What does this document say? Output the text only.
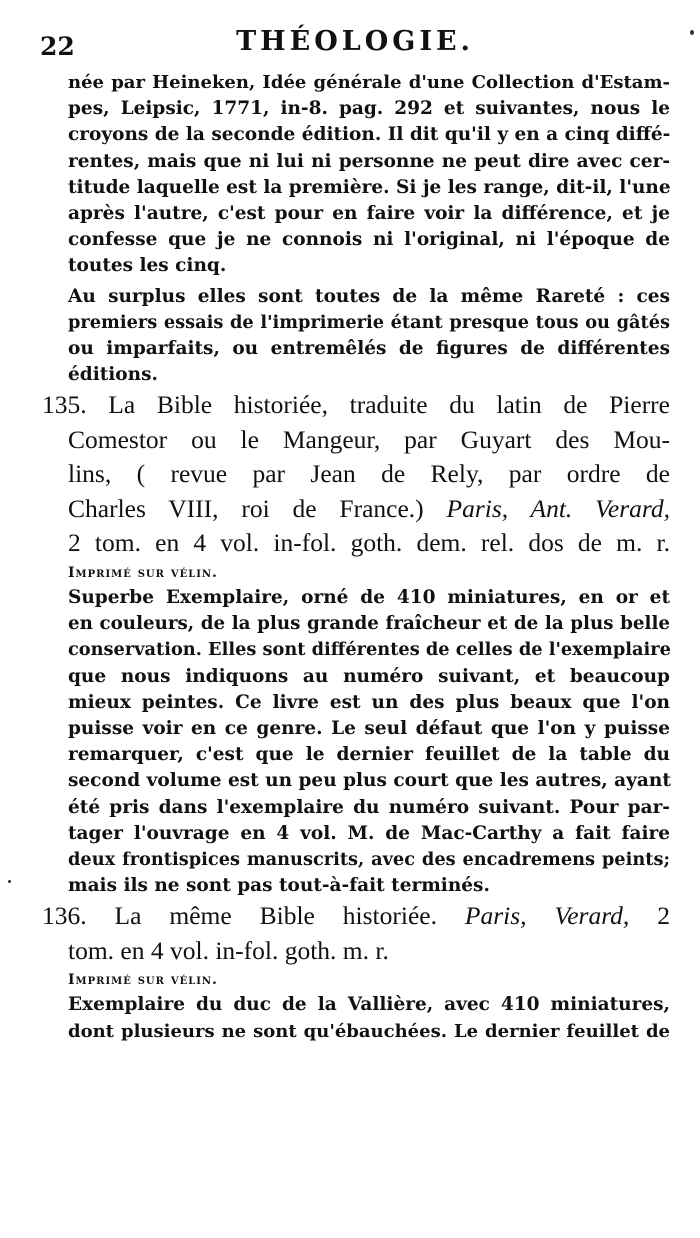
22	THÉOLOGIE.
née par Heineken, Idée générale d'une Collection d'Estam-
pes, Leipsic, 1771, in-8. pag. 292 et suivantes, nous le
croyons de la seconde édition. Il dit qu'il y en a cinq diffé-
rentes, mais que ni lui ni personne ne peut dire avec cer-
titude laquelle est la première. Si je les range, dit-il, l'une
après l'autre, c'est pour en faire voir la différence, et je
confesse que je ne connois ni l'original, ni l'époque de
toutes les cinq.
Au surplus elles sont toutes de la même Rareté : ces
premiers essais de l'imprimerie étant presque tous ou gâtés
ou imparfaits, ou entremêlés de figures de différentes
éditions.
135. La Bible historiée, traduite du latin de Pierre
Comestor ou le Mangeur, par Guyart des Mou-
lins, ( revue par Jean de Rely, par ordre de
Charles VIII, roi de France.) Paris, Ant. Verard,
2 tom. en 4 vol. in-fol. goth. dem. rel. dos de m. r.
Imprimé sur vélin.
Superbe Exemplaire, orné de 410 miniatures, en or et
en couleurs, de la plus grande fraîcheur et de la plus belle
conservation. Elles sont différentes de celles de l'exemplaire
que nous indiquons au numéro suivant, et beaucoup
mieux peintes. Ce livre est un des plus beaux que l'on
puisse voir en ce genre. Le seul défaut que l'on y puisse
remarquer, c'est que le dernier feuillet de la table du
second volume est un peu plus court que les autres, ayant
été pris dans l'exemplaire du numéro suivant. Pour par-
tager l'ouvrage en 4 vol. M. de Mac-Carthy a fait faire
deux frontispices manuscrits, avec des encadremens peints;
mais ils ne sont pas tout-à-fait terminés.
136. La même Bible historiée. Paris, Verard, 2
tom. en 4 vol. in-fol. goth. m. r.
Imprimé sur vélin.
Exemplaire du duc de la Vallière, avec 410 miniatures,
dont plusieurs ne sont qu'ébauchées. Le dernier feuillet de
